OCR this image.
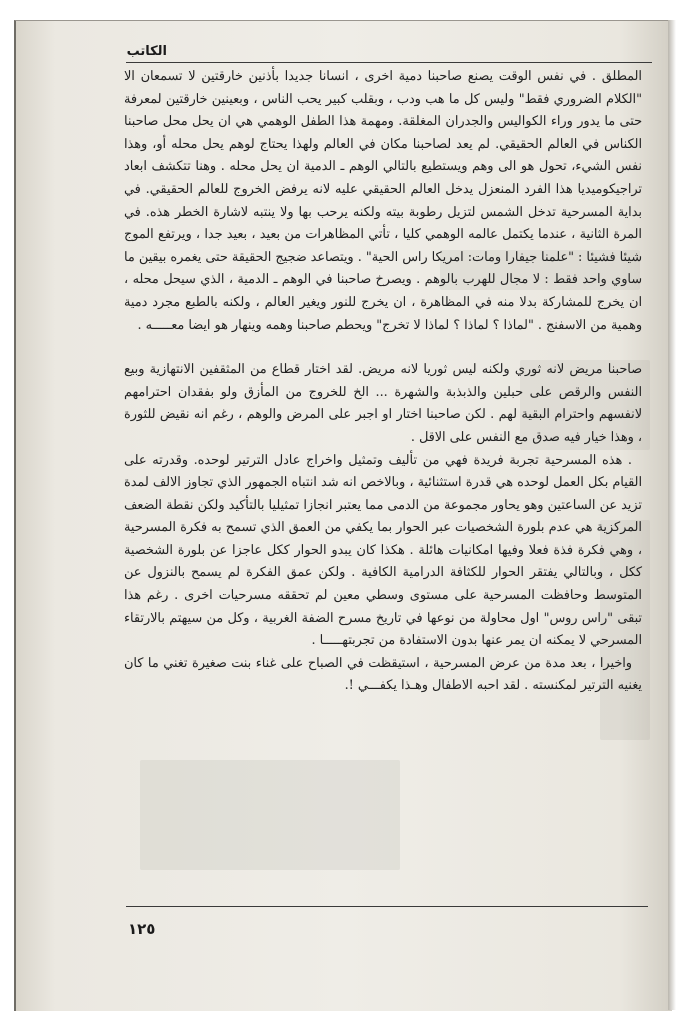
الكاتب

المطلق . في نفس الوقت يصنع صاحبنا دمية اخرى ، انسانا جديدا بأذنين خارقتين لا تسمعان الا "الكلام الضروري فقط" وليس كل ما هب ودب ، وبقلب كبير يحب الناس ، وبعينين خارقتين لمعرفة حتى ما يدور وراء الكواليس والجدران المغلقة. ومهمة هذا الطفل الوهمي هي ان يحل محل صاحبنا الكناس في العالم الحقيقي. لم يعد لصاحبنا مكان في العالم ولهذا يحتاج لوهم يحل محله أو، وهذا نفس الشيء، تحول هو الى وهم ويستطيع بالتالي الوهم ـ الدمية ان يحل محله . وهنا تتكشف ابعاد تراجيكوميديا هذا الفرد المنعزل يدخل العالم الحقيقي عليه لانه يرفض الخروج للعالم الحقيقي. في بداية المسرحية تدخل الشمس لتزيل رطوبة بيته ولكنه يرحب بها ولا ينتبه لاشارة الخطر هذه. في المرة الثانية ، عندما يكتمل عالمه الوهمي كليا ، تأتي المظاهرات من بعيد ، بعيد جدا ، ويرتفع الموج شيئا فشيئا : "علمنا جيفارا ومات: امريكا راس الحية" . ويتصاعد ضجيج الحقيقة حتى يغمره بيقين ما ساوي واحد فقط : لا مجال للهرب بالوهم . ويصرخ صاحبنا في الوهم ـ الدمية ، الذي سيحل محله ، ان يخرج للمشاركة بدلا منه في المظاهرة ، ان يخرج للنور ويغير العالم ، ولكنه بالطبع مجرد دمية وهمية من الاسفنج . "لماذا ؟ لماذا ؟ لماذا لا تخرج" ويحطم صاحبنا وهمه وينهار هو ايضا معـــــه .

صاحبنا مريض لانه ثوري ولكنه ليس ثوريا لانه مريض. لقد اختار قطاع من المثقفين الانتهازية وبيع النفس والرقص على حبلين والذبذبة والشهرة ... الخ للخروج من المأزق ولو بفقدان احترامهم لانفسهم واحترام البقية لهم . لكن صاحبنا اختار او اجبر على المرض والوهم ، رغم انه نقيض للثورة ، وهذا خيار فيه صدق مع النفس على الاقل .

. هذه المسرحية تجربة فريدة فهي من تأليف وتمثيل واخراج عادل الترتير لوحده. وقدرته على القيام بكل العمل لوحده هي قدرة استثنائية ، وبالاخص انه شد انتباه الجمهور الذي تجاوز الالف لمدة تزيد عن الساعتين وهو يحاور مجموعة من الدمى مما يعتبر انجازا تمثيليا بالتأكيد ولكن نقطة الضعف المركزية هي عدم بلورة الشخصيات عبر الحوار بما يكفي من العمق الذي تسمح به فكرة المسرحية ، وهي فكرة فذة فعلا وفيها امكانيات هائلة . هكذا كان يبدو الحوار ككل عاجزا عن بلورة الشخصية ككل ، وبالتالي يفتقر الحوار للكثافة الدرامية الكافية . ولكن عمق الفكرة لم يسمح بالنزول عن المتوسط وحافظت المسرحية على مستوى وسطي معين لم تحققه مسرحيات اخرى . رغم هذا تبقى "راس روس" اول محاولة من نوعها في تاريخ مسرح الضفة الغربية ، وكل من سيهتم بالارتقاء المسرحي لا يمكنه ان يمر عنها بدون الاستفادة من تجربتهـــــا .

واخيرا ، بعد مدة من عرض المسرحية ، استيقظت في الصباح على غناء بنت صغيرة تغني ما كان يغنيه الترتير لمكنسته . لقد احبه الاطفال وهـذا يكفـــي !.

١٢٥
